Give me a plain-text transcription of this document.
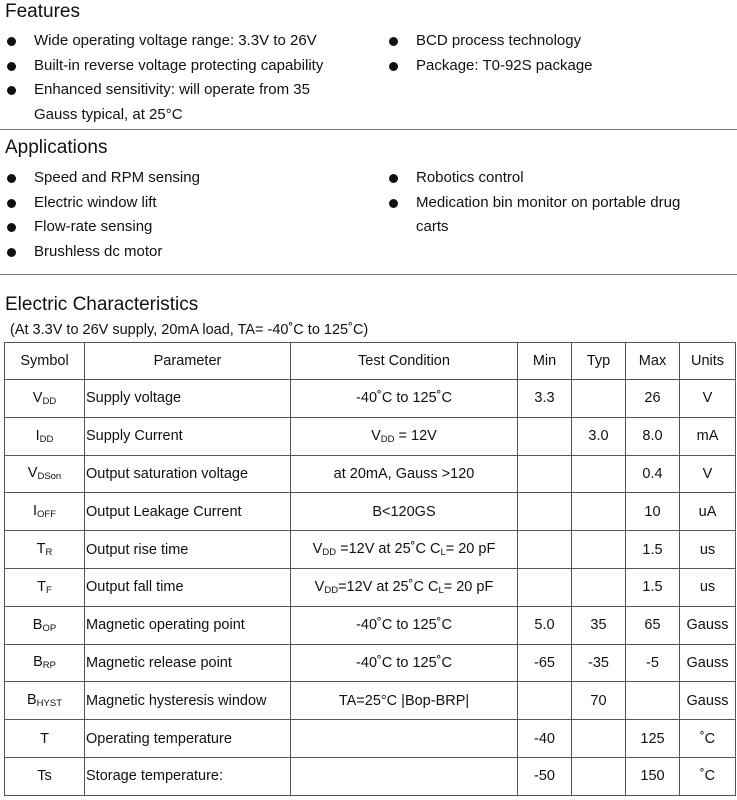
Features
Wide operating voltage range: 3.3V to 26V
Built-in reverse voltage protecting capability
Enhanced sensitivity: will operate from 35
Gauss typical, at 25°C
BCD process technology
Package: T0-92S package
Applications
Speed and RPM sensing
Electric window lift
Flow-rate sensing
Brushless dc motor
Robotics control
Medication bin monitor on portable drug
carts
Electric Characteristics
(At 3.3V to 26V supply, 20mA load, TA= -40˚C to 125˚C)
Symbol	Parameter	Test Condition	Min	Typ	Max	Units
$V_{DD}$	Supply voltage	-40˚C to 125˚C	3.3		26	V
$I_{DD}$	Supply Current	$V_{DD} = 12V$		3.0	8.0	mA
$V_{DSon}$	Output saturation voltage	at 20mA, Gauss >120			0.4	V
$I_{OFF}$	Output Leakage Current	B<120GS			10	uA
$T_R$	Output rise time	$V_{DD} =12V$ at 25˚C $C_L= 20$ pF			1.5	us
$T_F$	Output fall time	$V_{DD}=12V$ at 25˚C $C_L= 20$ pF			1.5	us
$B_{OP}$	Magnetic operating point	-40˚C to 125˚C	5.0	35	65	Gauss
$B_{RP}$	Magnetic release point	-40˚C to 125˚C	-65	-35	-5	Gauss
$B_{HYST}$	Magnetic hysteresis window	TA=25°C |Bop-BRP|		70		Gauss
T	Operating temperature		-40		125	˚C
Ts	Storage temperature:		-50		150	˚C
